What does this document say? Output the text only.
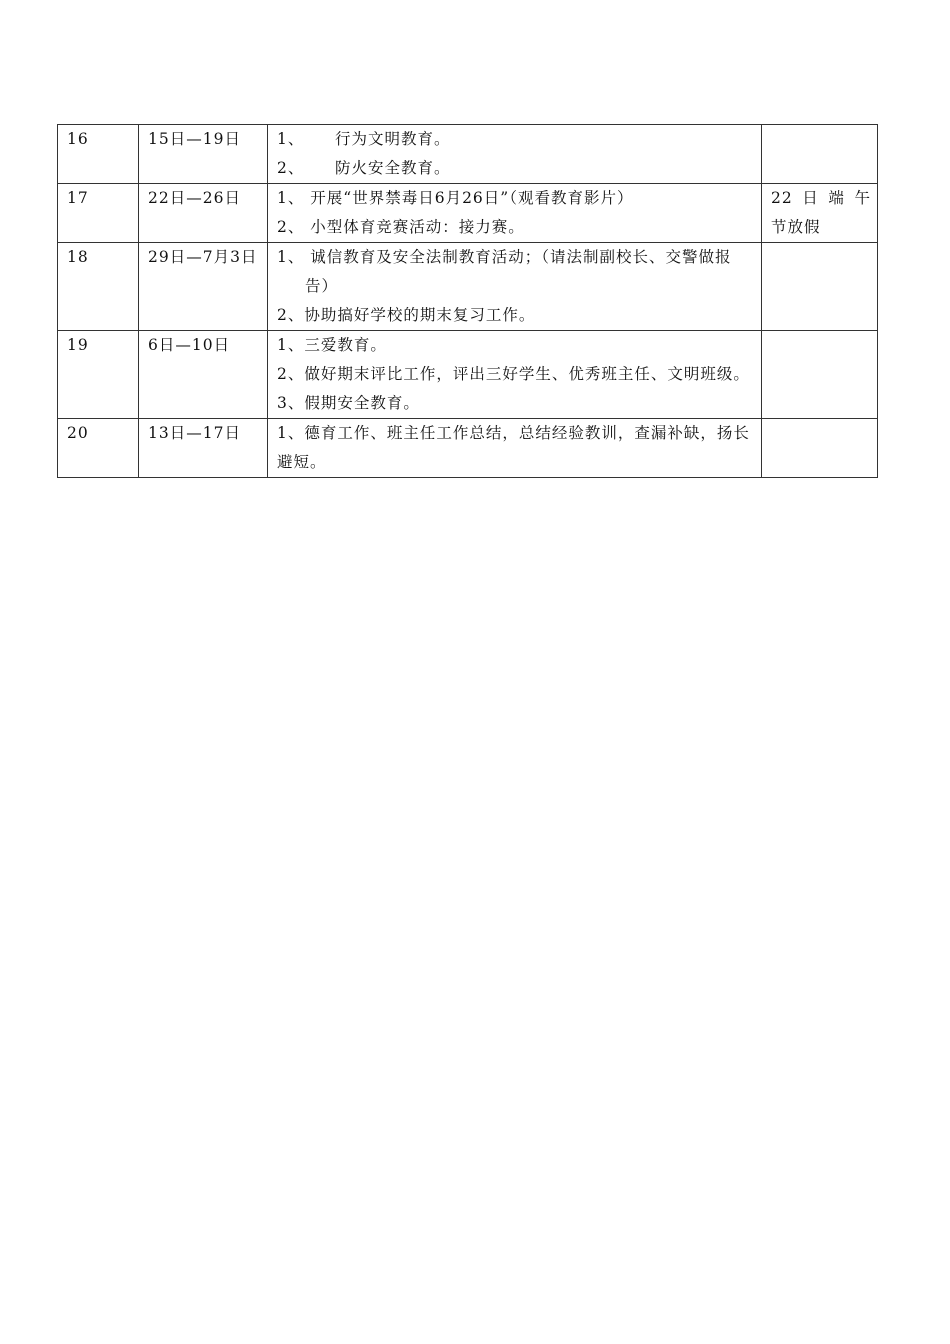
16	15日—19日	1、 行为文明教育。
2、 防火安全教育。	

17	22日—26日	1、 开展“世界禁毒日6月26日”（观看教育影片）
2、 小型体育竞赛活动：接力赛。	22日端午
节放假

18	29日—7月3日	1、 诚信教育及安全法制教育活动；（请法制副校长、交警做报告）
2、协助搞好学校的期末复习工作。	

19	6日—10日	1、三爱教育。
2、做好期末评比工作，评出三好学生、优秀班主任、文明班级。
3、假期安全教育。	

20	13日—17日	1、德育工作、班主任工作总结，总结经验教训，查漏补缺，扬长避短。	
